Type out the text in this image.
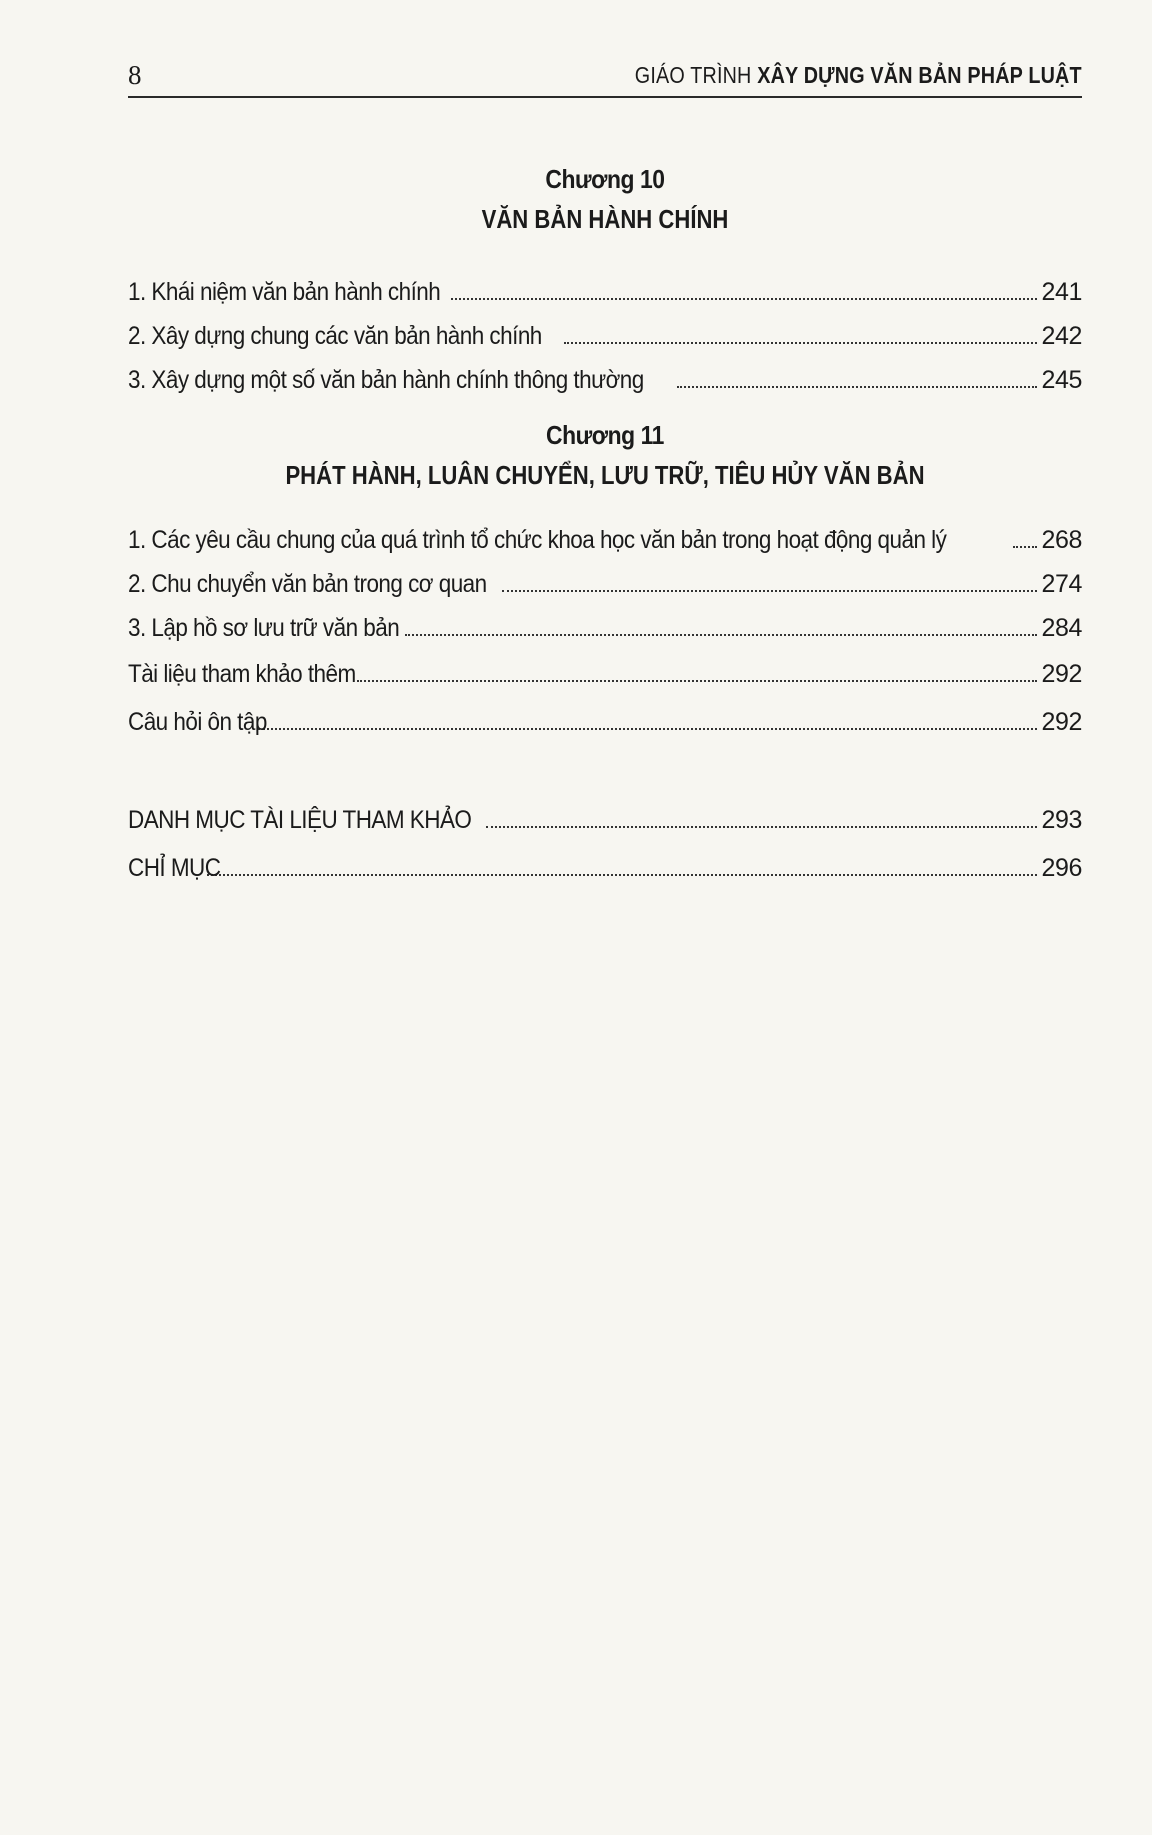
8	GIÁO TRÌNH XÂY DỰNG VĂN BẢN PHÁP LUẬT
Chương 10
VĂN BẢN HÀNH CHÍNH
1. Khái niệm văn bản hành chính	241
2. Xây dựng chung các văn bản hành chính	242
3. Xây dựng một số văn bản hành chính thông thường	245
Chương 11
PHÁT HÀNH, LUÂN CHUYỂN, LƯU TRỮ, TIÊU HỦY VĂN BẢN
1. Các yêu cầu chung của quá trình tổ chức khoa học văn bản trong hoạt động quản lý	268
2. Chu chuyển văn bản trong cơ quan	274
3. Lập hồ sơ lưu trữ văn bản	284
Tài liệu tham khảo thêm	292
Câu hỏi ôn tập	292
DANH MỤC TÀI LIỆU THAM KHẢO	293
CHỈ MỤC	296
